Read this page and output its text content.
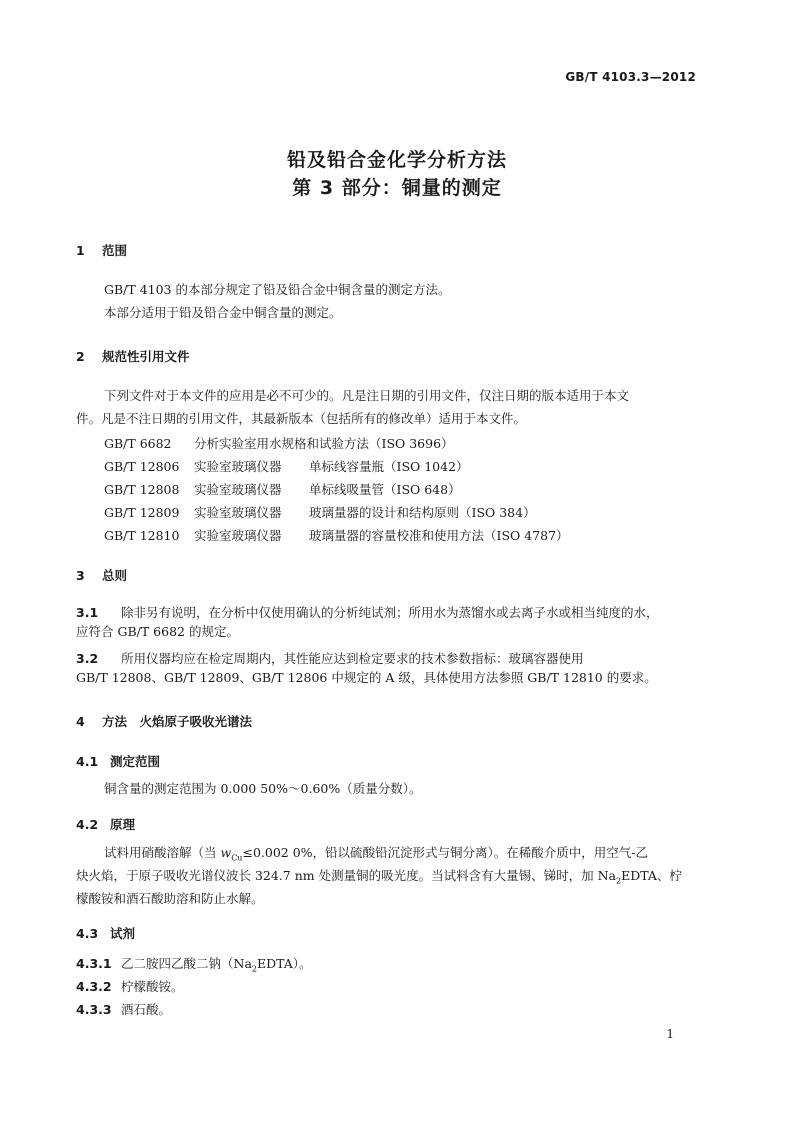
GB/T 4103.3—2012
铅及铅合金化学分析方法
第 3 部分：铜量的测定
1 范围
GB/T 4103 的本部分规定了铅及铅合金中铜含量的测定方法。
本部分适用于铅及铅合金中铜含量的测定。
2 规范性引用文件
下列文件对于本文件的应用是必不可少的。凡是注日期的引用文件，仅注日期的版本适用于本文
件。凡是不注日期的引用文件，其最新版本（包括所有的修改单）适用于本文件。
GB/T 6682 分析实验室用水规格和试验方法（ISO 3696）
GB/T 12806 实验室玻璃仪器 单标线容量瓶（ISO 1042）
GB/T 12808 实验室玻璃仪器 单标线吸量管（ISO 648）
GB/T 12809 实验室玻璃仪器 玻璃量器的设计和结构原则（ISO 384）
GB/T 12810 实验室玻璃仪器 玻璃量器的容量校准和使用方法（ISO 4787）
3 总则
3.1 除非另有说明，在分析中仅使用确认的分析纯试剂；所用水为蒸馏水或去离子水或相当纯度的水，
应符合 GB/T 6682 的规定。
3.2 所用仪器均应在检定周期内，其性能应达到检定要求的技术参数指标：玻璃容器使用
GB/T 12808、GB/T 12809、GB/T 12806 中规定的 A 级，具体使用方法参照 GB/T 12810 的要求。
4 方法　火焰原子吸收光谱法
4.1 测定范围
铜含量的测定范围为 0.000 50%～0.60%（质量分数）。
4.2 原理
试料用硝酸溶解（当 $w_{Cu}\le 0.002$ 0%，铅以硫酸铅沉淀形式与铜分离）。在稀酸介质中，用空气-乙
炔火焰，于原子吸收光谱仪波长 324.7 nm 处测量铜的吸光度。当试料含有大量锡、锑时，加 $Na_2EDTA$、柠
檬酸铵和酒石酸助溶和防止水解。
4.3 试剂
4.3.1 乙二胺四乙酸二钠$(Na_2EDTA)$。
4.3.2 柠檬酸铵。
4.3.3 酒石酸。
1
